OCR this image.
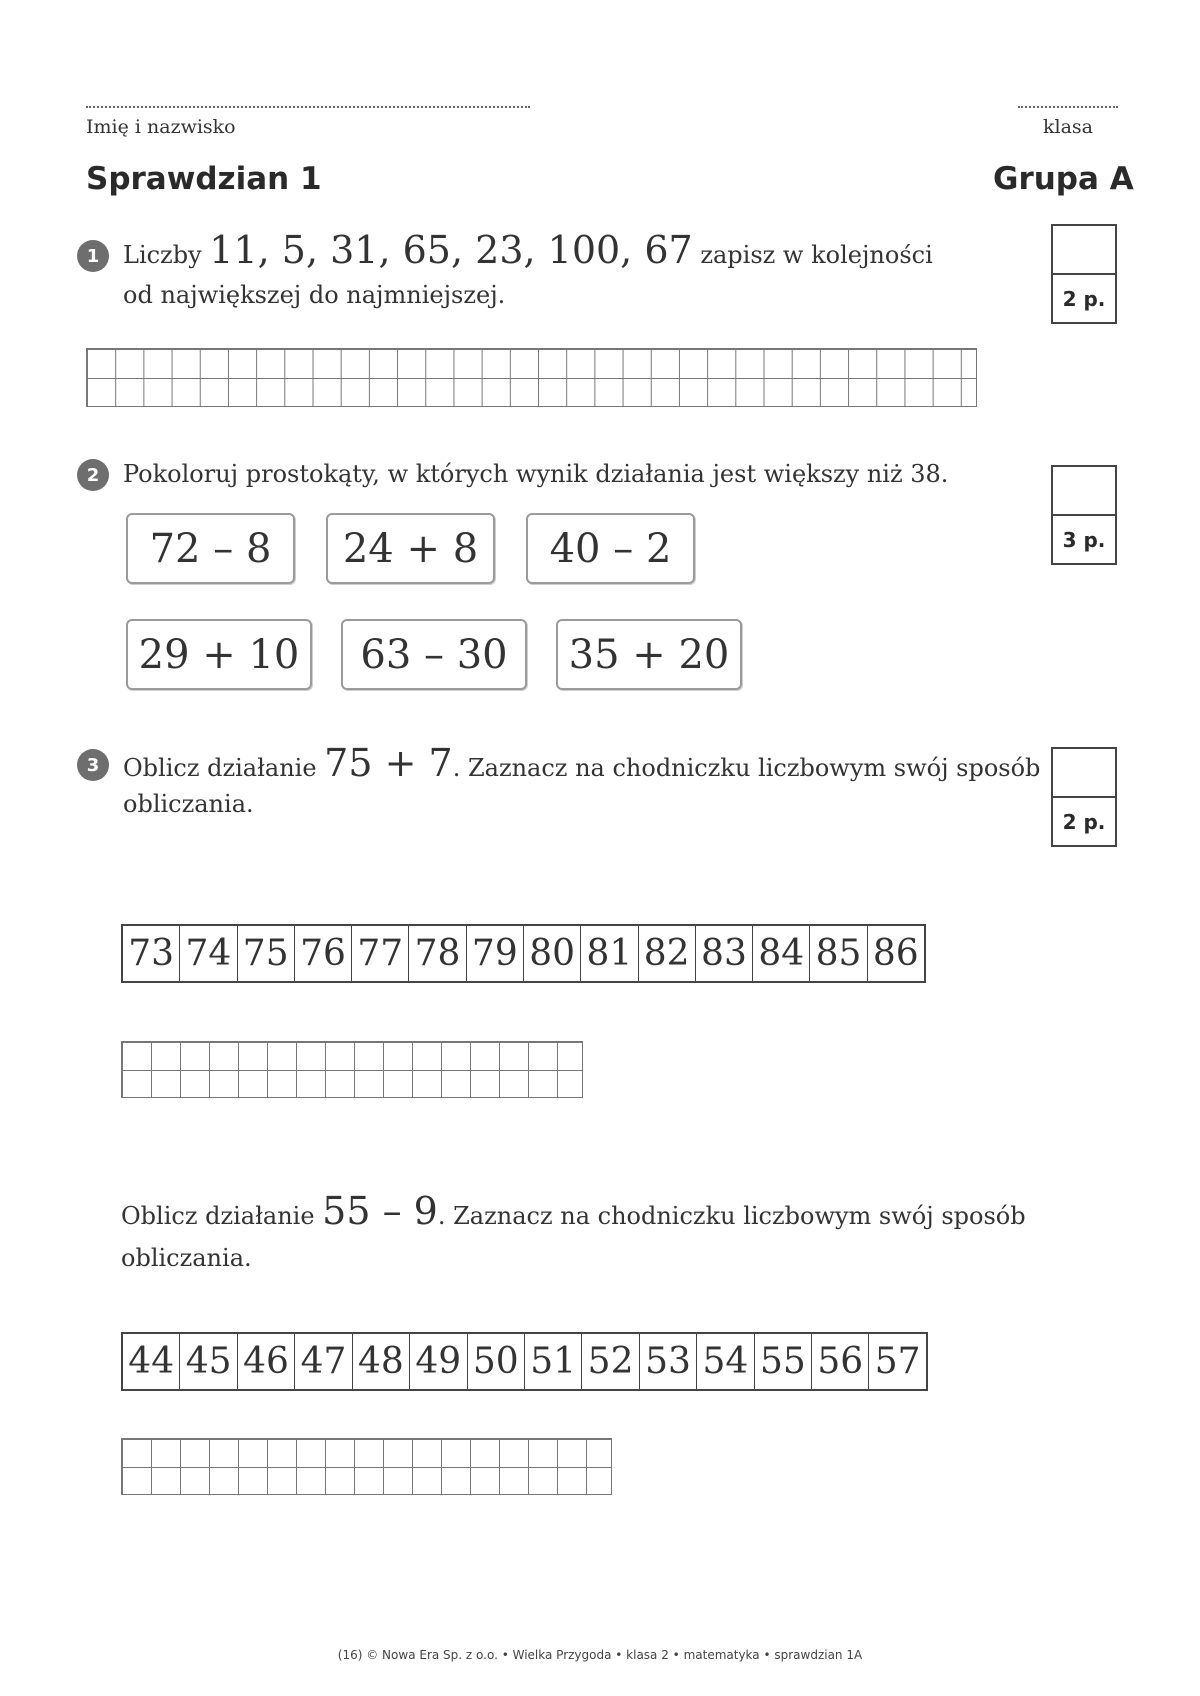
Imię i nazwisko	klasa
Sprawdzian 1	Grupa A
1 Liczby 11, 5, 31, 65, 23, 100, 67 zapisz w kolejności
od największej do najmniejszej.	2 p.
2 Pokoloruj prostokąty, w których wynik działania jest większy niż 38.
3 p.
72 – 8	24 + 8	40 – 2
29 + 10	63 – 30	35 + 20
3 Oblicz działanie 75 + 7. Zaznacz na chodniczku liczbowym swój sposób
obliczania.
2 p.
73 74 75 76 77 78 79 80 81 82 83 84 85 86
Oblicz działanie 55 – 9. Zaznacz na chodniczku liczbowym swój sposób
obliczania.
44 45 46 47 48 49 50 51 52 53 54 55 56 57
(16) © Nowa Era Sp. z o.o. • Wielka Przygoda • klasa 2 • matematyka • sprawdzian 1A
